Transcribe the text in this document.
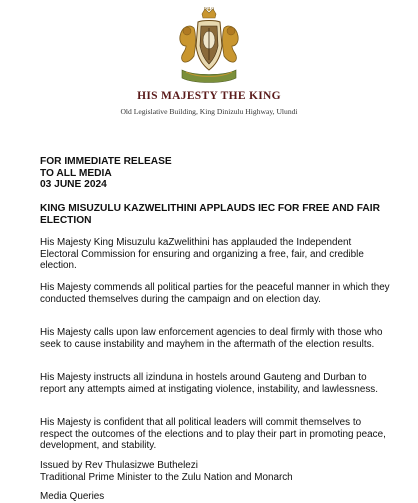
ISILO
HIS MAJESTY THE KING
Old Legislative Building, King Dinizulu Highway, Ulundi
FOR IMMEDIATE RELEASE
TO ALL MEDIA
03 JUNE 2024
KING MISUZULU KAZWELITHINI APPLAUDS IEC FOR FREE AND FAIR ELECTION
His Majesty King Misuzulu kaZwelithini has applauded the Independent Electoral Commission for ensuring and organizing a free, fair, and credible election.
His Majesty commends all political parties for the peaceful manner in which they conducted themselves during the campaign and on election day.
His Majesty calls upon law enforcement agencies to deal firmly with those who seek to cause instability and mayhem in the aftermath of the election results.
His Majesty instructs all izinduna in hostels around Gauteng and Durban to report any attempts aimed at instigating violence, instability, and lawlessness.
His Majesty is confident that all political leaders will commit themselves to respect the outcomes of the elections and to play their part in promoting peace, development, and stability.
Issued by Rev Thulasizwe Buthelezi
Traditional Prime Minister to the Zulu Nation and Monarch
Media Queries
